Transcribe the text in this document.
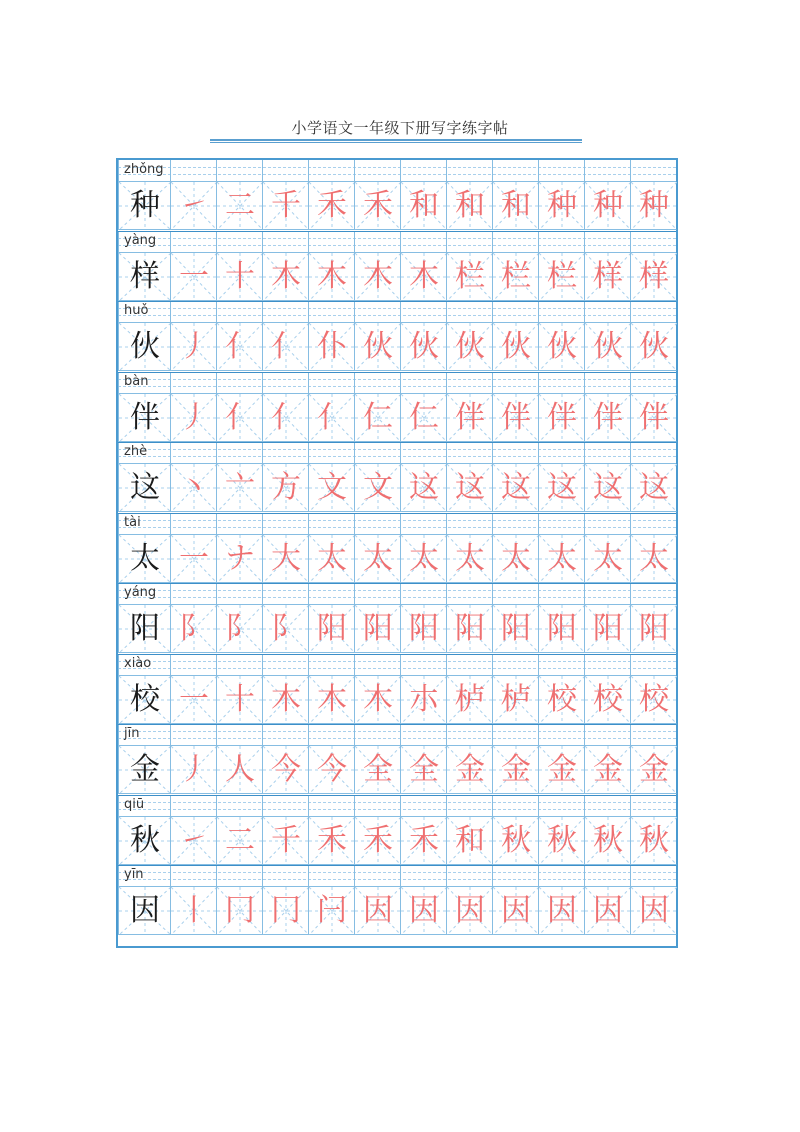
小学语文一年级下册写字练字帖
zhǒng
种 ㇀ 二 千 禾 禾 和 和 和 种 种 种
yàng
样 一 十 木 木 木 木 栏 栏 栏 样 样
huǒ
伙 丿 亻 亻 仆 伙 伙 伙 伙 伙 伙 伙
bàn
伴 丿 亻 亻 亻 仁 仁 伴 伴 伴 伴 伴
zhè
这 丶 亠 方 文 文 这 这 这 这 这 这
tài
太 一 ナ 大 太 太 太 太 太 太 太 太
yáng
阳 阝 阝 阝 阳 阳 阳 阳 阳 阳 阳 阳
xiào
校 一 十 木 木 木 朩 栌 栌 校 校 校
jīn
金 丿 人 今 今 全 全 金 金 金 金 金
qiū
秋 ㇀ 二 千 禾 禾 禾 和 秋 秋 秋 秋
yīn
因 丨 冂 冂 闩 因 因 因 因 因 因 因
